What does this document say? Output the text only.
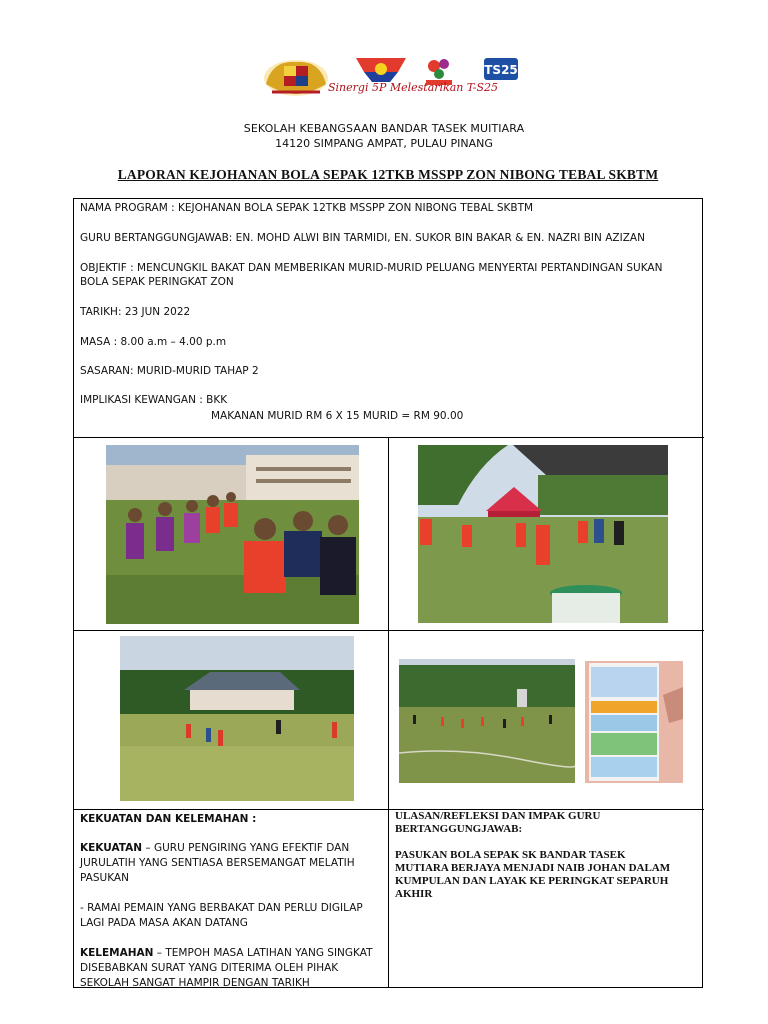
TS25
Sinergi 5P Melestarikan T-S25
SEKOLAH KEBANGSAAN BANDAR TASEK MUITIARA
14120 SIMPANG AMPAT, PULAU PINANG
LAPORAN KEJOHANAN BOLA SEPAK 12TKB MSSPP ZON NIBONG TEBAL SKBTM
NAMA PROGRAM : KEJOHANAN BOLA SEPAK 12TKB MSSPP ZON NIBONG TEBAL SKBTM
GURU BERTANGGUNGJAWAB: EN. MOHD ALWI BIN TARMIDI, EN. SUKOR BIN BAKAR & EN. NAZRI BIN AZIZAN
OBJEKTIF : MENCUNGKIL BAKAT DAN MEMBERIKAN MURID-MURID PELUANG MENYERTAI PERTANDINGAN SUKAN
BOLA SEPAK PERINGKAT ZON
TARIKH: 23 JUN 2022
MASA : 8.00 a.m – 4.00 p.m
SASARAN: MURID-MURID TAHAP 2
IMPLIKASI KEWANGAN : BKK
MAKANAN MURID RM 6 X 15 MURID = RM 90.00
KEKUATAN DAN KELEMAHAN :
KEKUATAN – GURU PENGIRING YANG EFEKTIF DAN
JURULATIH YANG SENTIASA BERSEMANGAT MELATIH
PASUKAN
- RAMAI PEMAIN YANG BERBAKAT DAN PERLU DIGILAP
LAGI PADA MASA AKAN DATANG
KELEMAHAN – TEMPOH MASA LATIHAN YANG SINGKAT
DISEBABKAN SURAT YANG DITERIMA OLEH PIHAK
SEKOLAH SANGAT HAMPIR DENGAN TARIKH
ULASAN/REFLEKSI DAN IMPAK GURU
BERTANGGUNGJAWAB:
PASUKAN BOLA SEPAK SK BANDAR TASEK
MUTIARA BERJAYA MENJADI NAIB JOHAN DALAM
KUMPULAN DAN LAYAK KE PERINGKAT SEPARUH
AKHIR
